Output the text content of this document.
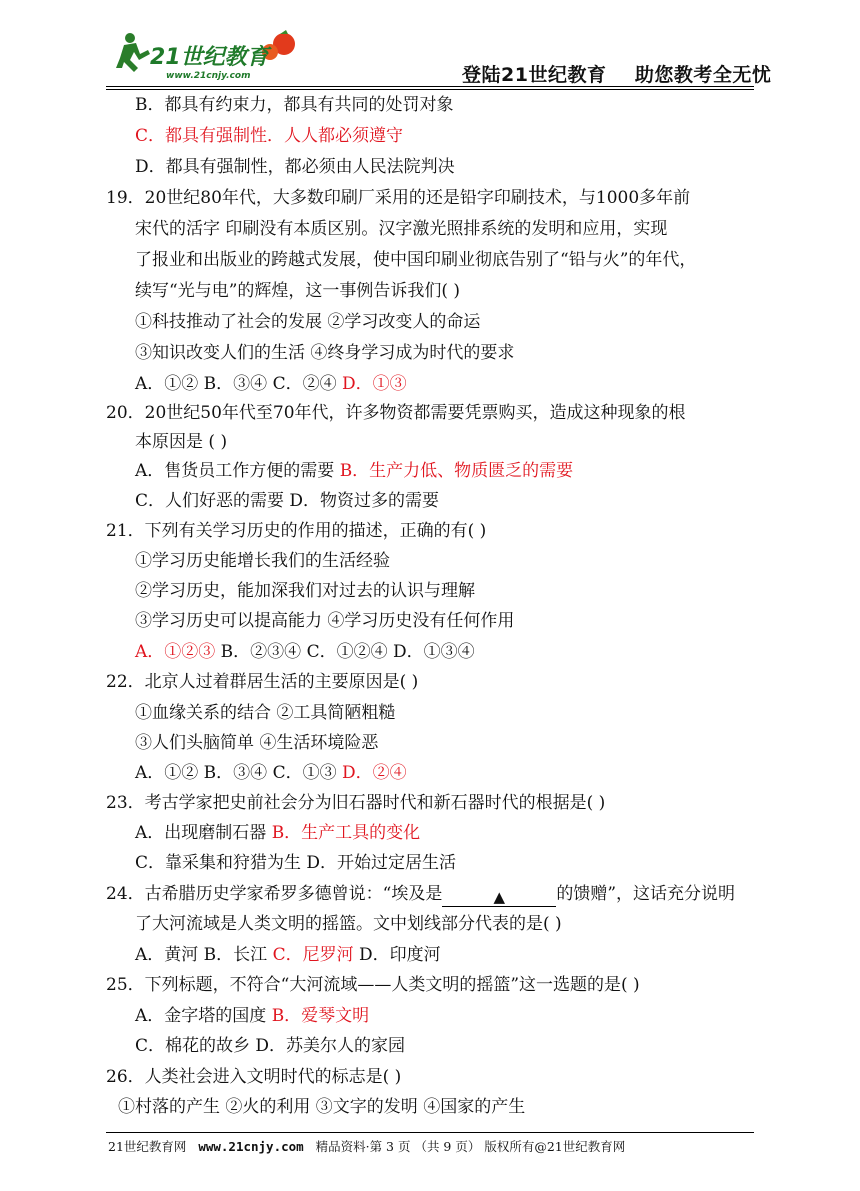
21世纪教育
www.21cnjy.com	登陆21世纪教育    助您教考全无忧
B．都具有约束力，都具有共同的处罚对象
C．都具有强制性．人人都必须遵守
D．都具有强制性，都必须由人民法院判决
19．20世纪80年代，大多数印刷厂采用的还是铅字印刷技术，与1000多年前
宋代的活字 印刷没有本质区别。汉字激光照排系统的发明和应用，实现
了报业和出版业的跨越式发展，使中国印刷业彻底告别了“铅与火”的年代，
续写“光与电”的辉煌，这一事例告诉我们( )
①科技推动了社会的发展 ②学习改变人的命运
③知识改变人们的生活 ④终身学习成为时代的要求
A．①② B．③④ C．②④ D．①③
20．20世纪50年代至70年代，许多物资都需要凭票购买，造成这种现象的根
本原因是 ( )
A．售货员工作方便的需要 B．生产力低、物质匮乏的需要
C．人们好恶的需要 D．物资过多的需要
21．下列有关学习历史的作用的描述，正确的有( )
①学习历史能增长我们的生活经验
②学习历史，能加深我们对过去的认识与理解
③学习历史可以提高能力 ④学习历史没有任何作用
A．①②③ B．②③④ C．①②④ D．①③④
22．北京人过着群居生活的主要原因是( )
①血缘关系的结合 ②工具简陋粗糙
③人们头脑简单 ④生活环境险恶
A．①② B．③④ C．①③ D．②④
23．考古学家把史前社会分为旧石器时代和新石器时代的根据是( )
A．出现磨制石器 B．生产工具的变化
C．靠采集和狩猎为生 D．开始过定居生活
24．古希腊历史学家希罗多德曾说：“埃及是	▲	的馈赠”，这话充分说明
了大河流域是人类文明的摇篮。文中划线部分代表的是( )
A．黄河 B．长江 C．尼罗河 D．印度河
25．下列标题，不符合“大河流域——人类文明的摇篮”这一选题的是( )
A．金字塔的国度 B．爱琴文明
C．棉花的故乡 D．苏美尔人的家园
26．人类社会进入文明时代的标志是( )
①村落的产生 ②火的利用 ③文字的发明 ④国家的产生
21世纪教育网   www.21cnjy.com   精品资料·第 3 页 （共 9 页） 版权所有@21世纪教育网
